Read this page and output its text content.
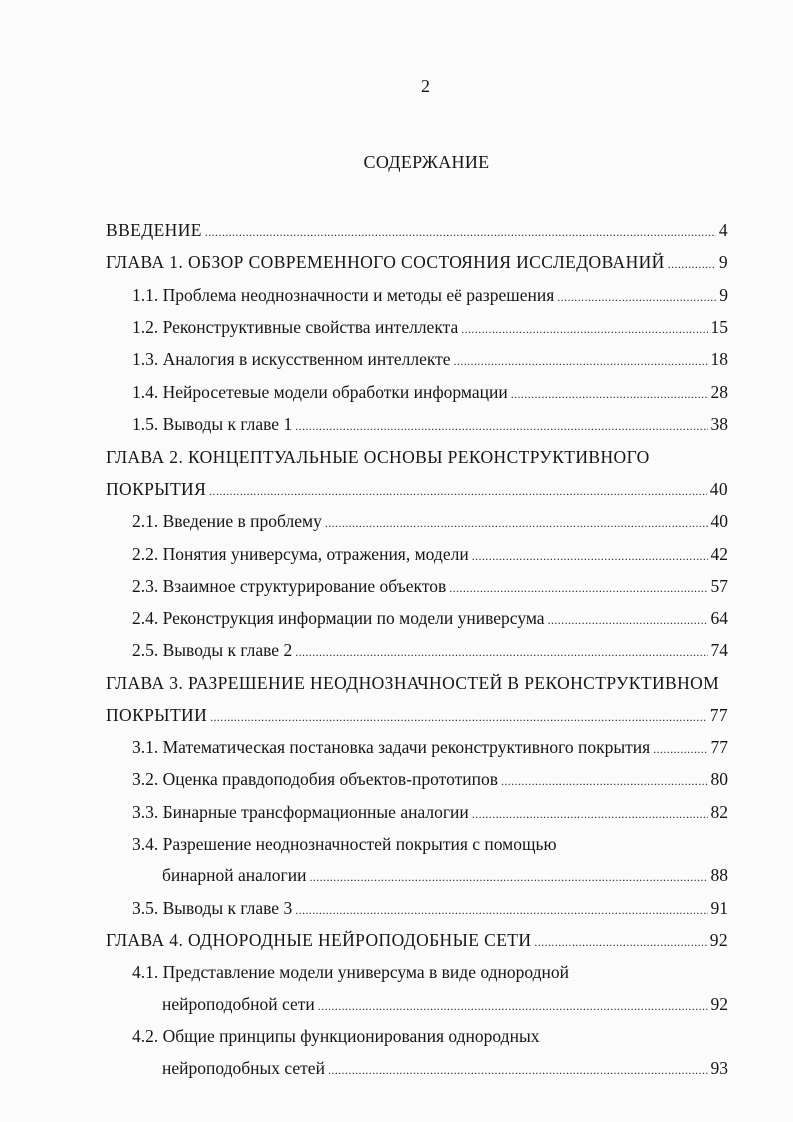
2
СОДЕРЖАНИЕ
ВВЕДЕНИЕ .....	4
ГЛАВА 1. ОБЗОР СОВРЕМЕННОГО СОСТОЯНИЯ ИССЛЕДОВАНИЙ .....	9
1.1. Проблема неоднозначности и методы её разрешения .....	9
1.2. Реконструктивные свойства интеллекта .....	15
1.3. Аналогия в искусственном интеллекте .....	18
1.4. Нейросетевые модели обработки информации .....	28
1.5. Выводы к главе 1 .....	38
ГЛАВА 2. КОНЦЕПТУАЛЬНЫЕ ОСНОВЫ РЕКОНСТРУКТИВНОГО
ПОКРЫТИЯ .....	40
2.1. Введение в проблему .....	40
2.2. Понятия универсума, отражения, модели .....	42
2.3. Взаимное структурирование объектов .....	57
2.4. Реконструкция информации по модели универсума .....	64
2.5. Выводы к главе 2 .....	74
ГЛАВА 3. РАЗРЕШЕНИЕ НЕОДНОЗНАЧНОСТЕЙ В РЕКОНСТРУКТИВНОМ
ПОКРЫТИИ .....	77
3.1. Математическая постановка задачи реконструктивного покрытия .....	77
3.2. Оценка правдоподобия объектов-прототипов .....	80
3.3. Бинарные трансформационные аналогии .....	82
3.4. Разрешение неоднозначностей покрытия с помощью
бинарной аналогии .....	88
3.5. Выводы к главе 3 .....	91
ГЛАВА 4. ОДНОРОДНЫЕ НЕЙРОПОДОБНЫЕ СЕТИ .....	92
4.1. Представление модели универсума в виде однородной
нейроподобной сети .....	92
4.2. Общие принципы функционирования однородных
нейроподобных сетей .....	93
